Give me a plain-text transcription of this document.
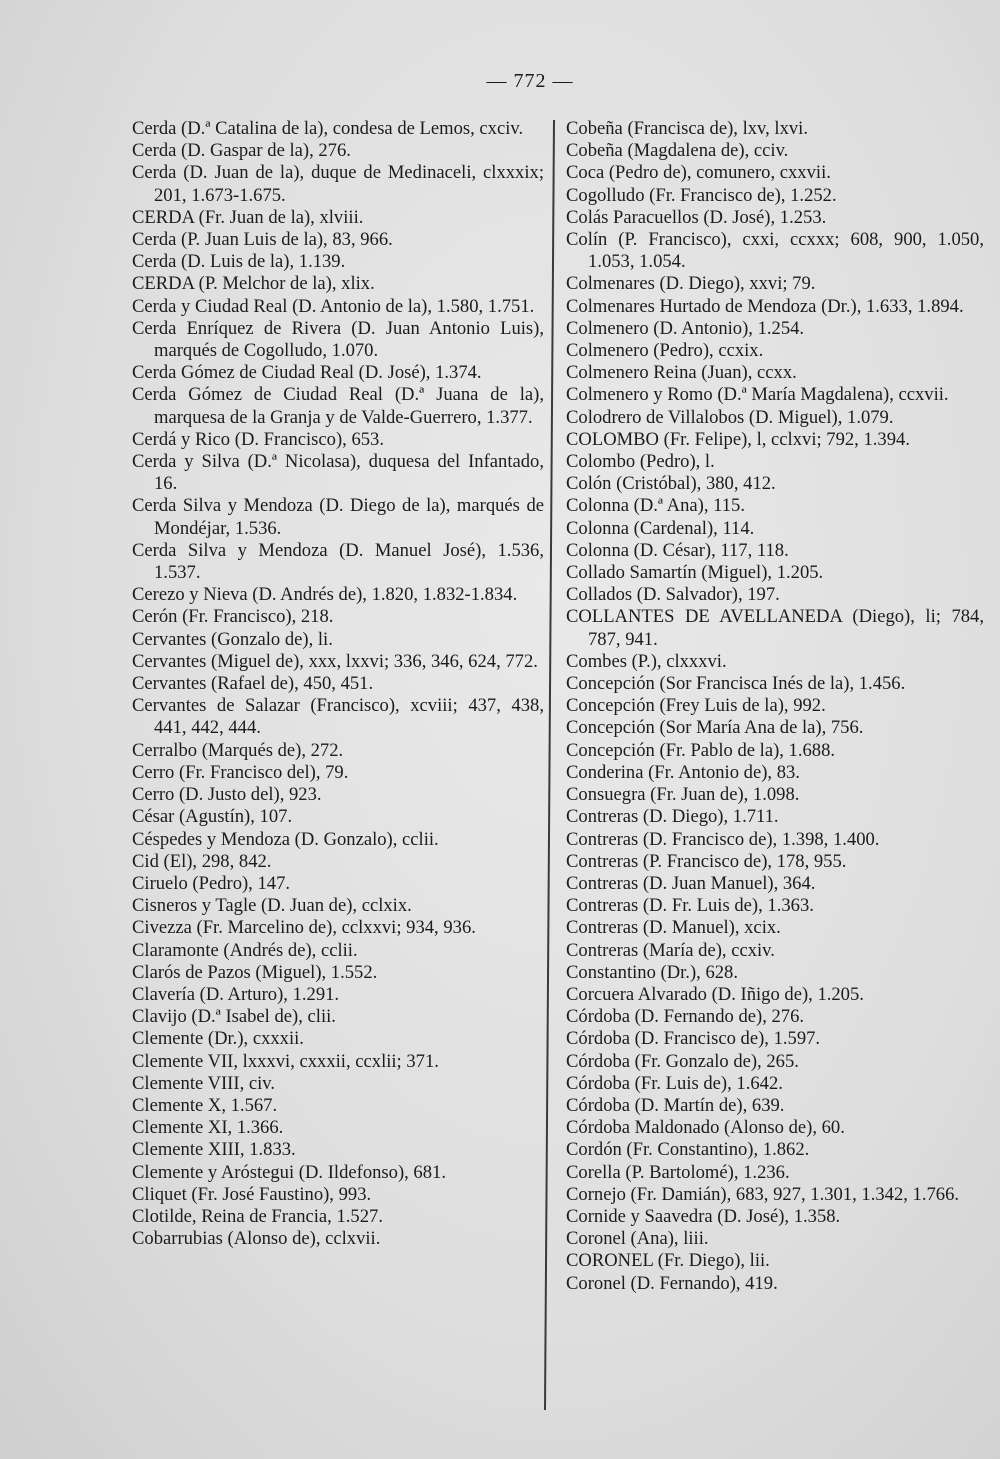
— 772 —

Cerda (D.ª Catalina de la), condesa de Lemos, cxciv.

Cerda (D. Gaspar de la), 276.

Cerda (D. Juan de la), duque de Medinaceli, clxxxix; 201, 1.673-1.675.

CERDA (Fr. Juan de la), xlviii.

Cerda (P. Juan Luis de la), 83, 966.

Cerda (D. Luis de la), 1.139.

CERDA (P. Melchor de la), xlix.

Cerda y Ciudad Real (D. Antonio de la), 1.580, 1.751.

Cerda Enríquez de Rivera (D. Juan Antonio Luis), marqués de Cogolludo, 1.070.

Cerda Gómez de Ciudad Real (D. José), 1.374.

Cerda Gómez de Ciudad Real (D.ª Juana de la), marquesa de la Granja y de Valde-Guerrero, 1.377.

Cerdá y Rico (D. Francisco), 653.

Cerda y Silva (D.ª Nicolasa), duquesa del Infantado, 16.

Cerda Silva y Mendoza (D. Diego de la), marqués de Mondéjar, 1.536.

Cerda Silva y Mendoza (D. Manuel José), 1.536, 1.537.

Cerezo y Nieva (D. Andrés de), 1.820, 1.832-1.834.

Cerón (Fr. Francisco), 218.

Cervantes (Gonzalo de), li.

Cervantes (Miguel de), xxx, lxxvi; 336, 346, 624, 772.

Cervantes (Rafael de), 450, 451.

Cervantes de Salazar (Francisco), xcviii; 437, 438, 441, 442, 444.

Cerralbo (Marqués de), 272.

Cerro (Fr. Francisco del), 79.

Cerro (D. Justo del), 923.

César (Agustín), 107.

Céspedes y Mendoza (D. Gonzalo), cclii.

Cid (El), 298, 842.

Ciruelo (Pedro), 147.

Cisneros y Tagle (D. Juan de), cclxix.

Civezza (Fr. Marcelino de), cclxxvi; 934, 936.

Claramonte (Andrés de), cclii.

Clarós de Pazos (Miguel), 1.552.

Clavería (D. Arturo), 1.291.

Clavijo (D.ª Isabel de), clii.

Clemente (Dr.), cxxxii.

Clemente VII, lxxxvi, cxxxii, ccxlii; 371.

Clemente VIII, civ.

Clemente X, 1.567.

Clemente XI, 1.366.

Clemente XIII, 1.833.

Clemente y Aróstegui (D. Ildefonso), 681.

Cliquet (Fr. José Faustino), 993.

Clotilde, Reina de Francia, 1.527.

Cobarrubias (Alonso de), cclxvii.

Cobeña (Francisca de), lxv, lxvi.

Cobeña (Magdalena de), cciv.

Coca (Pedro de), comunero, cxxvii.

Cogolludo (Fr. Francisco de), 1.252.

Colás Paracuellos (D. José), 1.253.

Colín (P. Francisco), cxxi, ccxxx; 608, 900, 1.050, 1.053, 1.054.

Colmenares (D. Diego), xxvi; 79.

Colmenares Hurtado de Mendoza (Dr.), 1.633, 1.894.

Colmenero (D. Antonio), 1.254.

Colmenero (Pedro), ccxix.

Colmenero Reina (Juan), ccxx.

Colmenero y Romo (D.ª María Magdalena), ccxvii.

Colodrero de Villalobos (D. Miguel), 1.079.

COLOMBO (Fr. Felipe), l, cclxvi; 792, 1.394.

Colombo (Pedro), l.

Colón (Cristóbal), 380, 412.

Colonna (D.ª Ana), 115.

Colonna (Cardenal), 114.

Colonna (D. César), 117, 118.

Collado Samartín (Miguel), 1.205.

Collados (D. Salvador), 197.

COLLANTES DE AVELLANEDA (Diego), li; 784, 787, 941.

Combes (P.), clxxxvi.

Concepción (Sor Francisca Inés de la), 1.456.

Concepción (Frey Luis de la), 992.

Concepción (Sor María Ana de la), 756.

Concepción (Fr. Pablo de la), 1.688.

Conderina (Fr. Antonio de), 83.

Consuegra (Fr. Juan de), 1.098.

Contreras (D. Diego), 1.711.

Contreras (D. Francisco de), 1.398, 1.400.

Contreras (P. Francisco de), 178, 955.

Contreras (D. Juan Manuel), 364.

Contreras (D. Fr. Luis de), 1.363.

Contreras (D. Manuel), xcix.

Contreras (María de), ccxiv.

Constantino (Dr.), 628.

Corcuera Alvarado (D. Iñigo de), 1.205.

Córdoba (D. Fernando de), 276.

Córdoba (D. Francisco de), 1.597.

Córdoba (Fr. Gonzalo de), 265.

Córdoba (Fr. Luis de), 1.642.

Córdoba (D. Martín de), 639.

Córdoba Maldonado (Alonso de), 60.

Cordón (Fr. Constantino), 1.862.

Corella (P. Bartolomé), 1.236.

Cornejo (Fr. Damián), 683, 927, 1.301, 1.342, 1.766.

Cornide y Saavedra (D. José), 1.358.

Coronel (Ana), liii.

CORONEL (Fr. Diego), lii.

Coronel (D. Fernando), 419.
